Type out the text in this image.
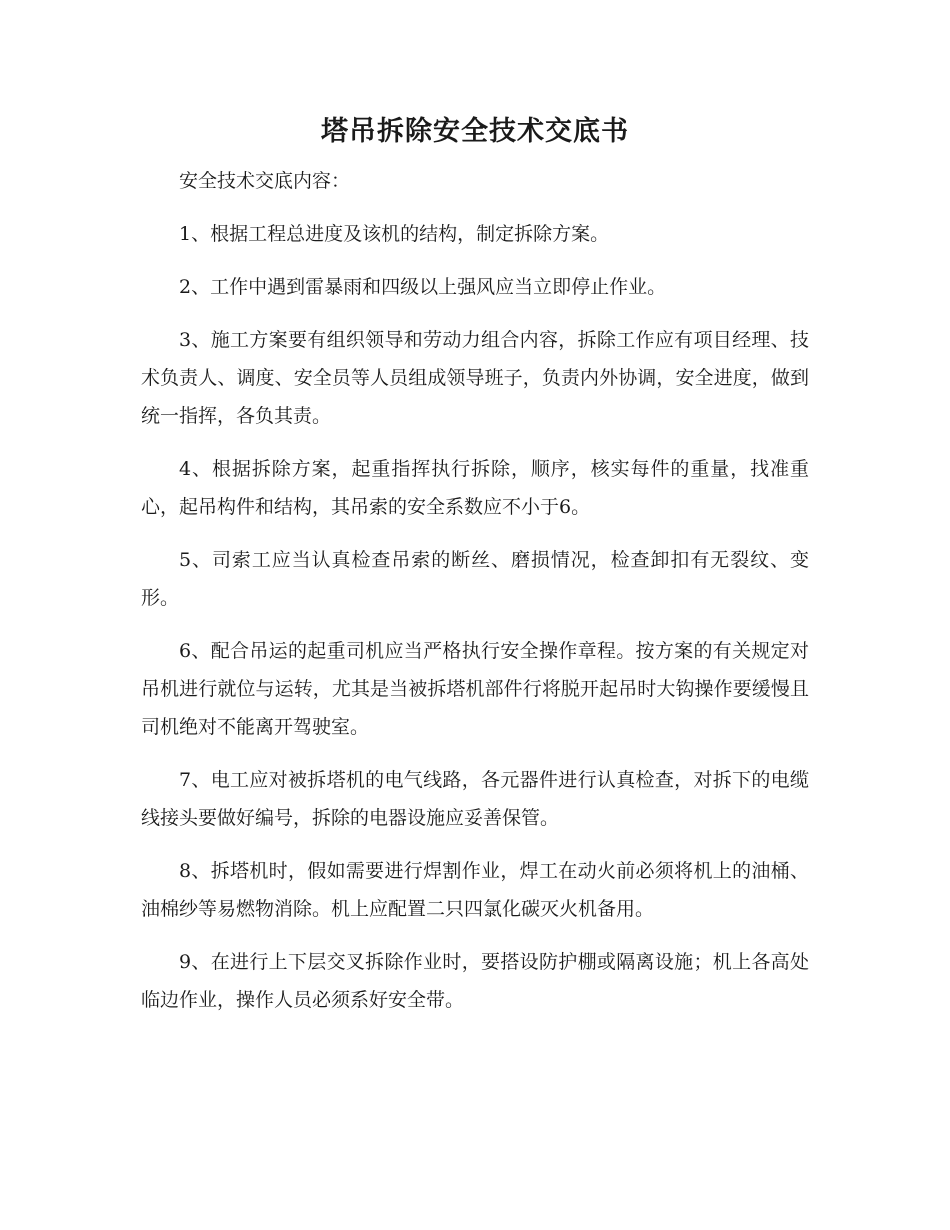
塔吊拆除安全技术交底书

安全技术交底内容：

1、根据工程总进度及该机的结构，制定拆除方案。

2、工作中遇到雷暴雨和四级以上强风应当立即停止作业。

3、施工方案要有组织领导和劳动力组合内容，拆除工作应有项目经理、技术负责人、调度、安全员等人员组成领导班子，负责内外协调，安全进度，做到统一指挥，各负其责。

4、根据拆除方案，起重指挥执行拆除，顺序，核实每件的重量，找准重心，起吊构件和结构，其吊索的安全系数应不小于6。

5、司索工应当认真检查吊索的断丝、磨损情况，检查卸扣有无裂纹、变形。

6、配合吊运的起重司机应当严格执行安全操作章程。按方案的有关规定对吊机进行就位与运转，尤其是当被拆塔机部件行将脱开起吊时大钩操作要缓慢且司机绝对不能离开驾驶室。

7、电工应对被拆塔机的电气线路，各元器件进行认真检查，对拆下的电缆线接头要做好编号，拆除的电器设施应妥善保管。

8、拆塔机时，假如需要进行焊割作业，焊工在动火前必须将机上的油桶、油棉纱等易燃物消除。机上应配置二只四氯化碳灭火机备用。

9、在进行上下层交叉拆除作业时，要搭设防护棚或隔离设施；机上各高处临边作业，操作人员必须系好安全带。
